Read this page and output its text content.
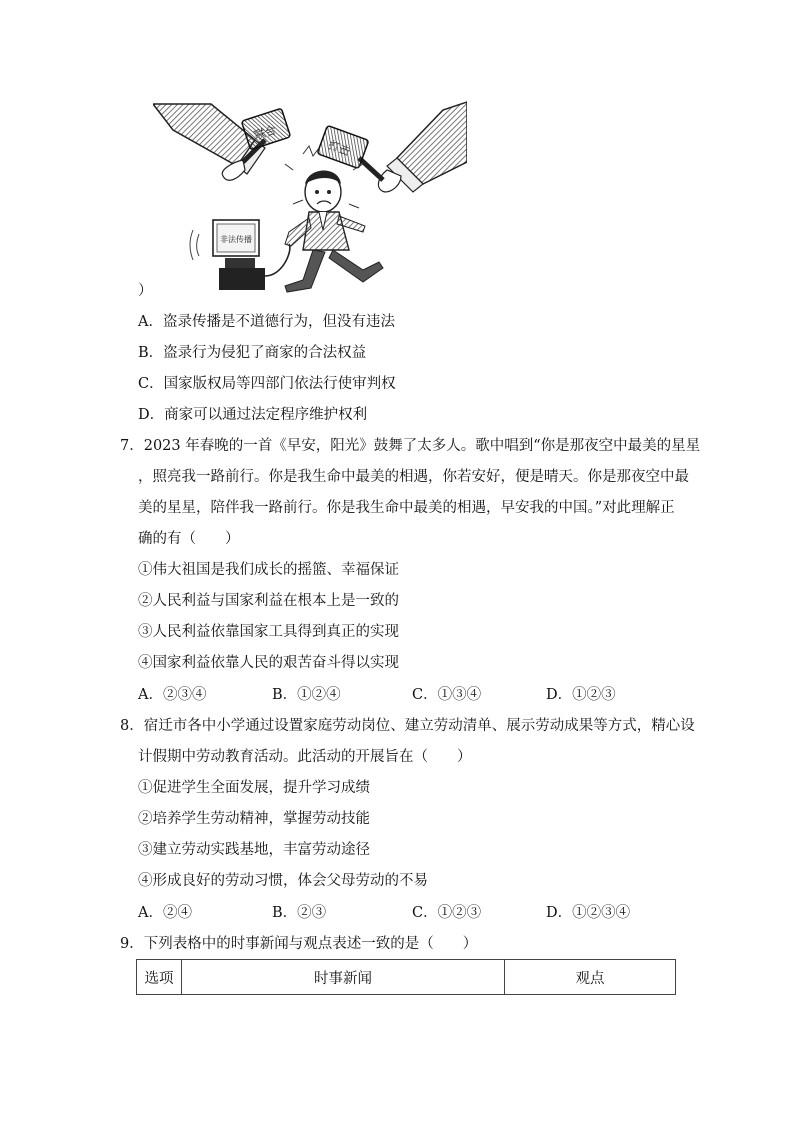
联合
打击
非法传播
）
A．盗录传播是不道德行为，但没有违法
B．盗录行为侵犯了商家的合法权益
C．国家版权局等四部门依法行使审判权
D．商家可以通过法定程序维护权利
7．2023 年春晚的一首《早安，阳光》鼓舞了太多人。歌中唱到“你是那夜空中最美的星星
，照亮我一路前行。你是我生命中最美的相遇，你若安好，便是晴天。你是那夜空中最
美的星星，陪伴我一路前行。你是我生命中最美的相遇，早安我的中国。”对此理解正
确的有（　　）
①伟大祖国是我们成长的摇篮、幸福保证
②人民利益与国家利益在根本上是一致的
③人民利益依靠国家工具得到真正的实现
④国家利益依靠人民的艰苦奋斗得以实现
A．②③④	B．①②④	C．①③④	D．①②③
8．宿迁市各中小学通过设置家庭劳动岗位、建立劳动清单、展示劳动成果等方式，精心设
计假期中劳动教育活动。此活动的开展旨在（　　）
①促进学生全面发展，提升学习成绩
②培养学生劳动精神，掌握劳动技能
③建立劳动实践基地，丰富劳动途径
④形成良好的劳动习惯，体会父母劳动的不易
A．②④	B．②③	C．①②③	D．①②③④
9．下列表格中的时事新闻与观点表述一致的是（　　）
选项	时事新闻	观点
